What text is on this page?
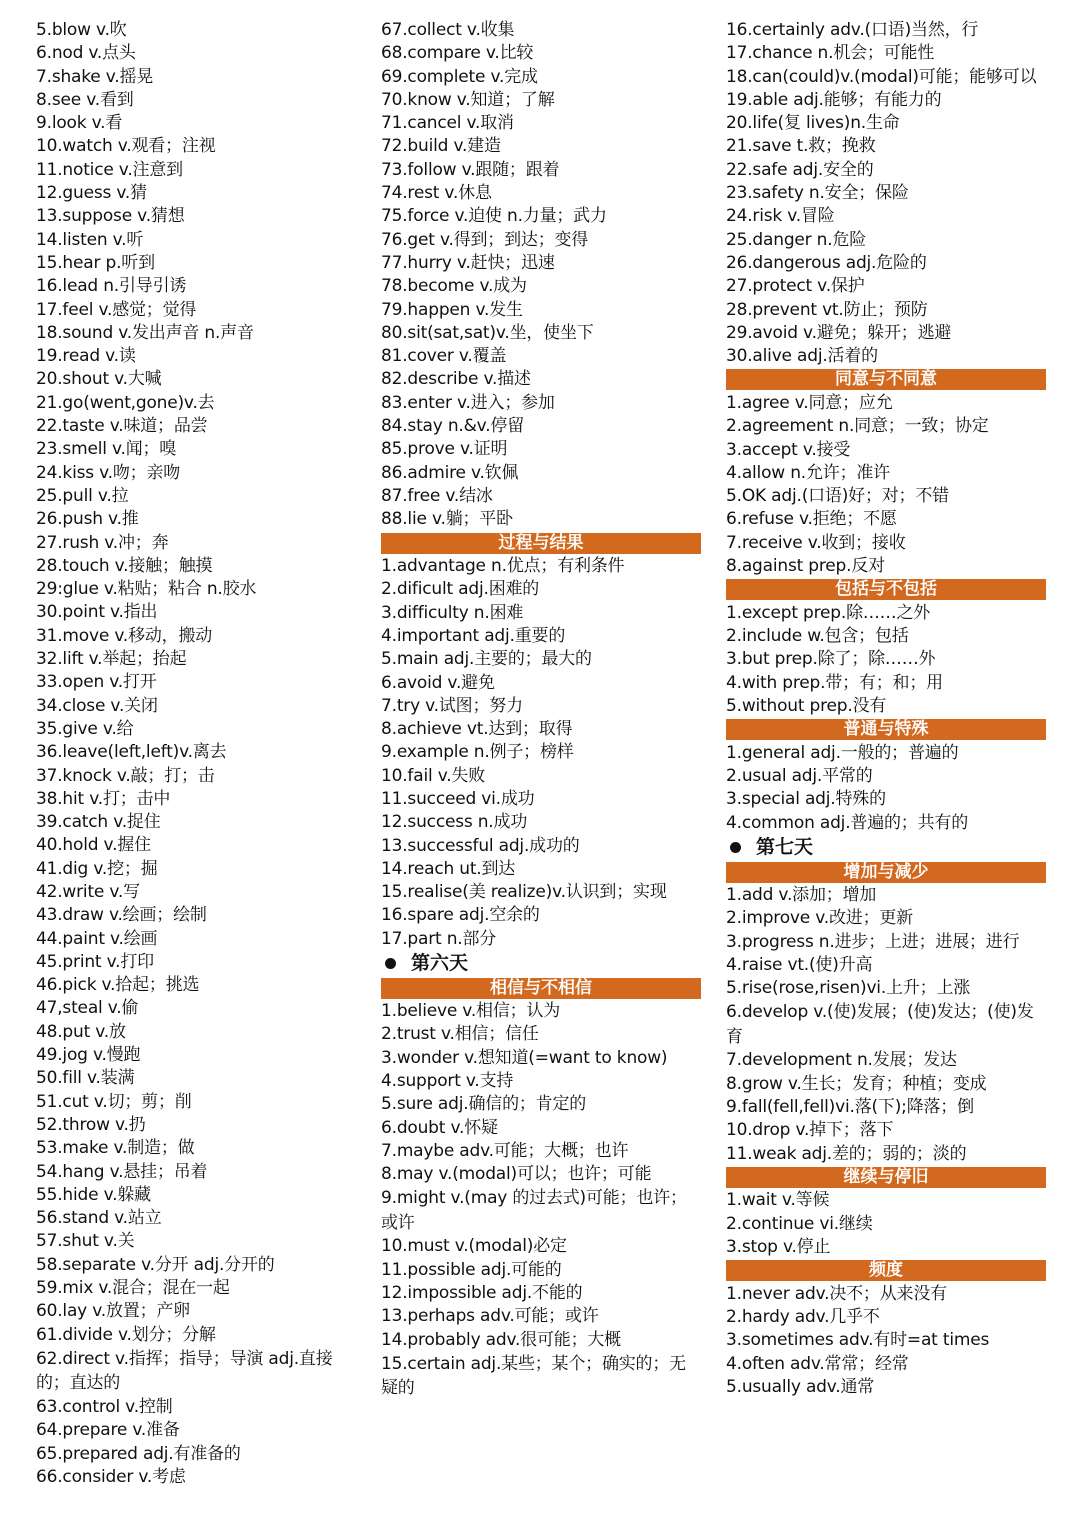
5.blow v.吹
6.nod v.点头
7.shake v.摇晃
8.see v.看到
9.look v.看
10.watch v.观看；注视
11.notice v.注意到
12.guess v.猜
13.suppose v.猜想
14.listen v.听
15.hear p.听到
16.lead n.引导引诱
17.feel v.感觉；觉得
18.sound v.发出声音 n.声音
19.read v.读
20.shout v.大喊
21.go(went,gone)v.去
22.taste v.味道；品尝
23.smell v.闻；嗅
24.kiss v.吻；亲吻
25.pull v.拉
26.push v.推
27.rush v.冲；奔
28.touch v.接触；触摸
29:glue v.粘贴；粘合 n.胶水
30.point v.指出
31.move v.移动，搬动
32.lift v.举起；抬起
33.open v.打开
34.close v.关闭
35.give v.给
36.leave(left,left)v.离去
37.knock v.敲；打；击
38.hit v.打；击中
39.catch v.捉住
40.hold v.握住
41.dig v.挖；掘
42.write v.写
43.draw v.绘画；绘制
44.paint v.绘画
45.print v.打印
46.pick v.拾起；挑选
47,steal v.偷
48.put v.放
49.jog v.慢跑
50.fill v.装满
51.cut v.切；剪；削
52.throw v.扔
53.make v.制造；做
54.hang v.悬挂；吊着
55.hide v.躲藏
56.stand v.站立
57.shut v.关
58.separate v.分开 adj.分开的
59.mix v.混合；混在一起
60.lay v.放置；产卵
61.divide v.划分；分解
62.direct v.指挥；指导；导演 adj.直接的；直达的
63.control v.控制
64.prepare v.准备
65.prepared adj.有准备的
66.consider v.考虑
67.collect v.收集
68.compare v.比较
69.complete v.完成
70.know v.知道；了解
71.cancel v.取消
72.build v.建造
73.follow v.跟随；跟着
74.rest v.休息
75.force v.迫使 n.力量；武力
76.get v.得到；到达；变得
77.hurry v.赶快；迅速
78.become v.成为
79.happen v.发生
80.sit(sat,sat)v.坐，使坐下
81.cover v.覆盖
82.describe v.描述
83.enter v.进入；参加
84.stay n.&v.停留
85.prove v.证明
86.admire v.钦佩
87.free v.结冰
88.lie v.躺；平卧
过程与结果
1.advantage n.优点；有利条件
2.dificult adj.困难的
3.difficulty n.困难
4.important adj.重要的
5.main adj.主要的；最大的
6.avoid v.避免
7.try v.试图；努力
8.achieve vt.达到；取得
9.example n.例子；榜样
10.fail v.失败
11.succeed vi.成功
12.success n.成功
13.successful adj.成功的
14.reach ut.到达
15.realise(美 realize)v.认识到；实现
16.spare adj.空余的
17.part n.部分
第六天
相信与不相信
1.believe v.相信；认为
2.trust v.相信；信任
3.wonder v.想知道(=want to know)
4.support v.支持
5.sure adj.确信的；肯定的
6.doubt v.怀疑
7.maybe adv.可能；大概；也许
8.may v.(modal)可以；也许；可能
9.might v.(may 的过去式)可能；也许；或许
10.must v.(modal)必定
11.possible adj.可能的
12.impossible adj.不能的
13.perhaps adv.可能；或许
14.probably adv.很可能；大概
15.certain adj.某些；某个；确实的；无疑的
16.certainly adv.(口语)当然，行
17.chance n.机会；可能性
18.can(could)v.(modal)可能；能够可以
19.able adj.能够；有能力的
20.life(复 lives)n.生命
21.save t.救；挽救
22.safe adj.安全的
23.safety n.安全；保险
24.risk v.冒险
25.danger n.危险
26.dangerous adj.危险的
27.protect v.保护
28.prevent vt.防止；预防
29.avoid v.避免；躲开；逃避
30.alive adj.活着的
同意与不同意
1.agree v.同意；应允
2.agreement n.同意；一致；协定
3.accept v.接受
4.allow n.允许；准许
5.OK adj.(口语)好；对；不错
6.refuse v.拒绝；不愿
7.receive v.收到；接收
8.against prep.反对
包括与不包括
1.except prep.除……之外
2.include w.包含；包括
3.but prep.除了；除……外
4.with prep.带；有；和；用
5.without prep.没有
普通与特殊
1.general adj.一般的；普遍的
2.usual adj.平常的
3.special adj.特殊的
4.common adj.普遍的；共有的
第七天
增加与减少
1.add v.添加；增加
2.improve v.改进；更新
3.progress n.进步；上进；进展；进行
4.raise vt.(使)升高
5.rise(rose,risen)vi.上升；上涨
6.develop v.(使)发展；(使)发达；(使)发育
7.development n.发展；发达
8.grow v.生长；发育；种植；变成
9.fall(fell,fell)vi.落(下);降落；倒
10.drop v.掉下；落下
11.weak adj.差的；弱的；淡的
继续与停旧
1.wait v.等候
2.continue vi.继续
3.stop v.停止
频度
1.never adv.决不；从来没有
2.hardy adv.几乎不
3.sometimes adv.有时=at times
4.often adv.常常；经常
5.usually adv.通常
